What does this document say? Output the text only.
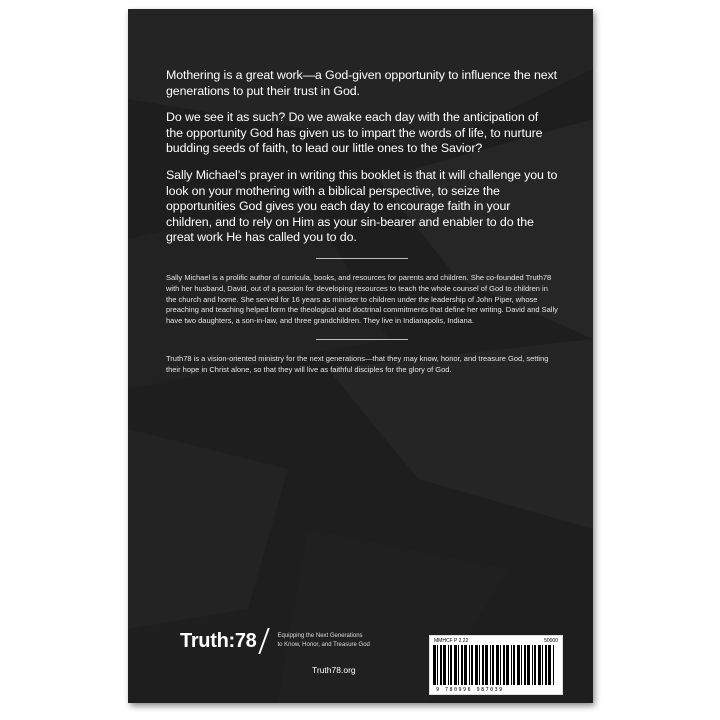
Mothering is a great work—a God-given opportunity to influence the next generations to put their trust in God.

Do we see it as such? Do we awake each day with the anticipation of the opportunity God has given us to impart the words of life, to nurture budding seeds of faith, to lead our little ones to the Savior?

Sally Michael’s prayer in writing this booklet is that it will challenge you to look on your mothering with a biblical perspective, to seize the opportunities God gives you each day to encourage faith in your children, and to rely on Him as your sin-bearer and enabler to do the great work He has called you to do.

Sally Michael is a prolific author of curricula, books, and resources for parents and children. She co-founded Truth78 with her husband, David, out of a passion for developing resources to teach the whole counsel of God to children in the church and home. She served for 16 years as minister to children under the leadership of John Piper, whose preaching and teaching helped form the theological and doctrinal commitments that define her writing. David and Sally have two daughters, a son-in-law, and three grandchildren. They live in Indianapolis, Indiana.

Truth78 is a vision-oriented ministry for the next generations—that they may know, honor, and treasure God, setting their hope in Christ alone, so that they will live as faithful disciples for the glory of God.

Truth:78	Equipping the Next Generations
to Know, Honor, and Treasure God
Truth78.org
MMHCF P 2.22	50000
9 780996 987039
